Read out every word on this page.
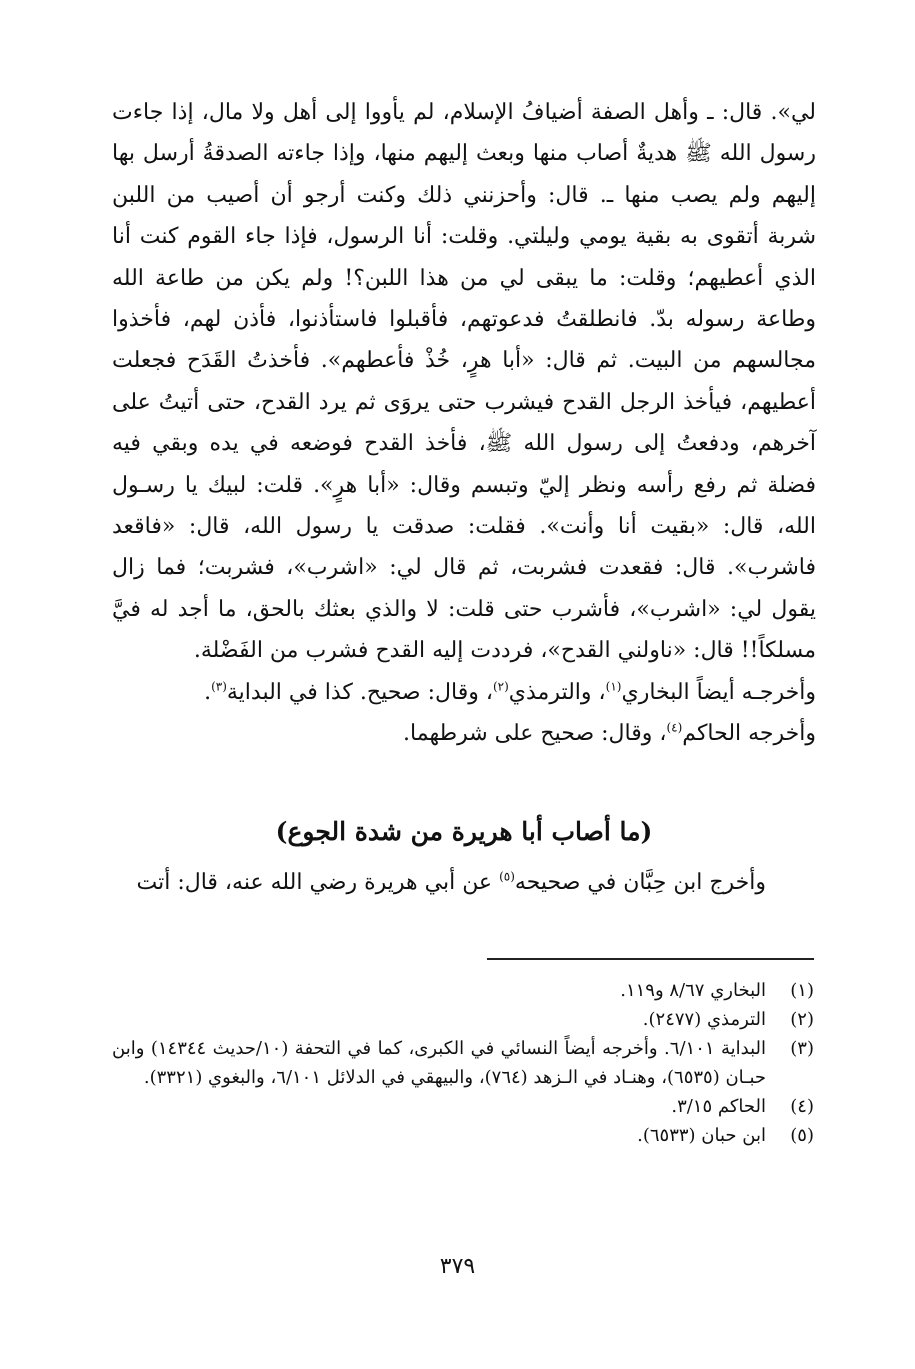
لي». قال: ـ وأهل الصفة أضيافُ الإسلام، لم يأووا إلى أهل ولا مال، إذا جاءت رسول الله ﷺ هديةٌ أصاب منها وبعث إليهم منها، وإذا جاءته الصدقةُ أرسل بها إليهم ولم يصب منها ـ. قال: وأحزنني ذلك وكنت أرجو أن أصيب من اللبن شربة أتقوى به بقية يومي وليلتي. وقلت: أنا الرسول، فإذا جاء القوم كنت أنا الذي أعطيهم؛ وقلت: ما يبقى لي من هذا اللبن؟! ولم يكن من طاعة الله وطاعة رسوله بدّ. فانطلقتُ فدعوتهم، فأقبلوا فاستأذنوا، فأذن لهم، فأخذوا مجالسهم من البيت. ثم قال: «أبا هرٍ، خُذْ فأعطهم». فأخذتُ القَدَح فجعلت أعطيهم، فيأخذ الرجل القدح فيشرب حتى يروَى ثم يرد القدح، حتى أتيتُ على آخرهم، ودفعتُ إلى رسول الله ﷺ، فأخذ القدح فوضعه في يده وبقي فيه فضلة ثم رفع رأسه ونظر إليّ وتبسم وقال: «أبا هرٍ». قلت: لبيك يا رسـول الله، قال: «بقيت أنا وأنت». فقلت: صدقت يا رسول الله، قال: «فاقعد فاشرب». قال: فقعدت فشربت، ثم قال لي: «اشرب»، فشربت؛ فما زال يقول لي: «اشرب»، فأشرب حتى قلت: لا والذي بعثك بالحق، ما أجد له فيَّ مسلكاً!! قال: «ناولني القدح»، فرددت إليه القدح فشرب من الفَضْلة.
وأخرجـه أيضاً البخاري$^{(١)}$، والترمذي$^{(٢)}$، وقال: صحيح. كذا في البداية$^{(٣)}$.
وأخرجه الحاكم$^{(٤)}$، وقال: صحيح على شرطهما.

(ما أصاب أبا هريرة من شدة الجوع)

وأخرج ابن حِبَّان في صحيحه$^{(٥)}$ عن أبي هريرة رضي الله عنه، قال: أتت

(١)
البخاري ٨/٦٧ و١١٩.
(٢)
الترمذي (٢٤٧٧).
(٣)
البداية ٦/١٠١. وأخرجه أيضاً النسائي في الكبرى، كما في التحفة (١٠/حديث ١٤٣٤٤) وابن حبـان (٦٥٣٥)، وهنـاد في الـزهد (٧٦٤)، والبيهقي في الدلائل ٦/١٠١، والبغوي (٣٣٢١).
(٤)
الحاكم ٣/١٥.
(٥)
ابن حبان (٦٥٣٣).
٣٧٩
